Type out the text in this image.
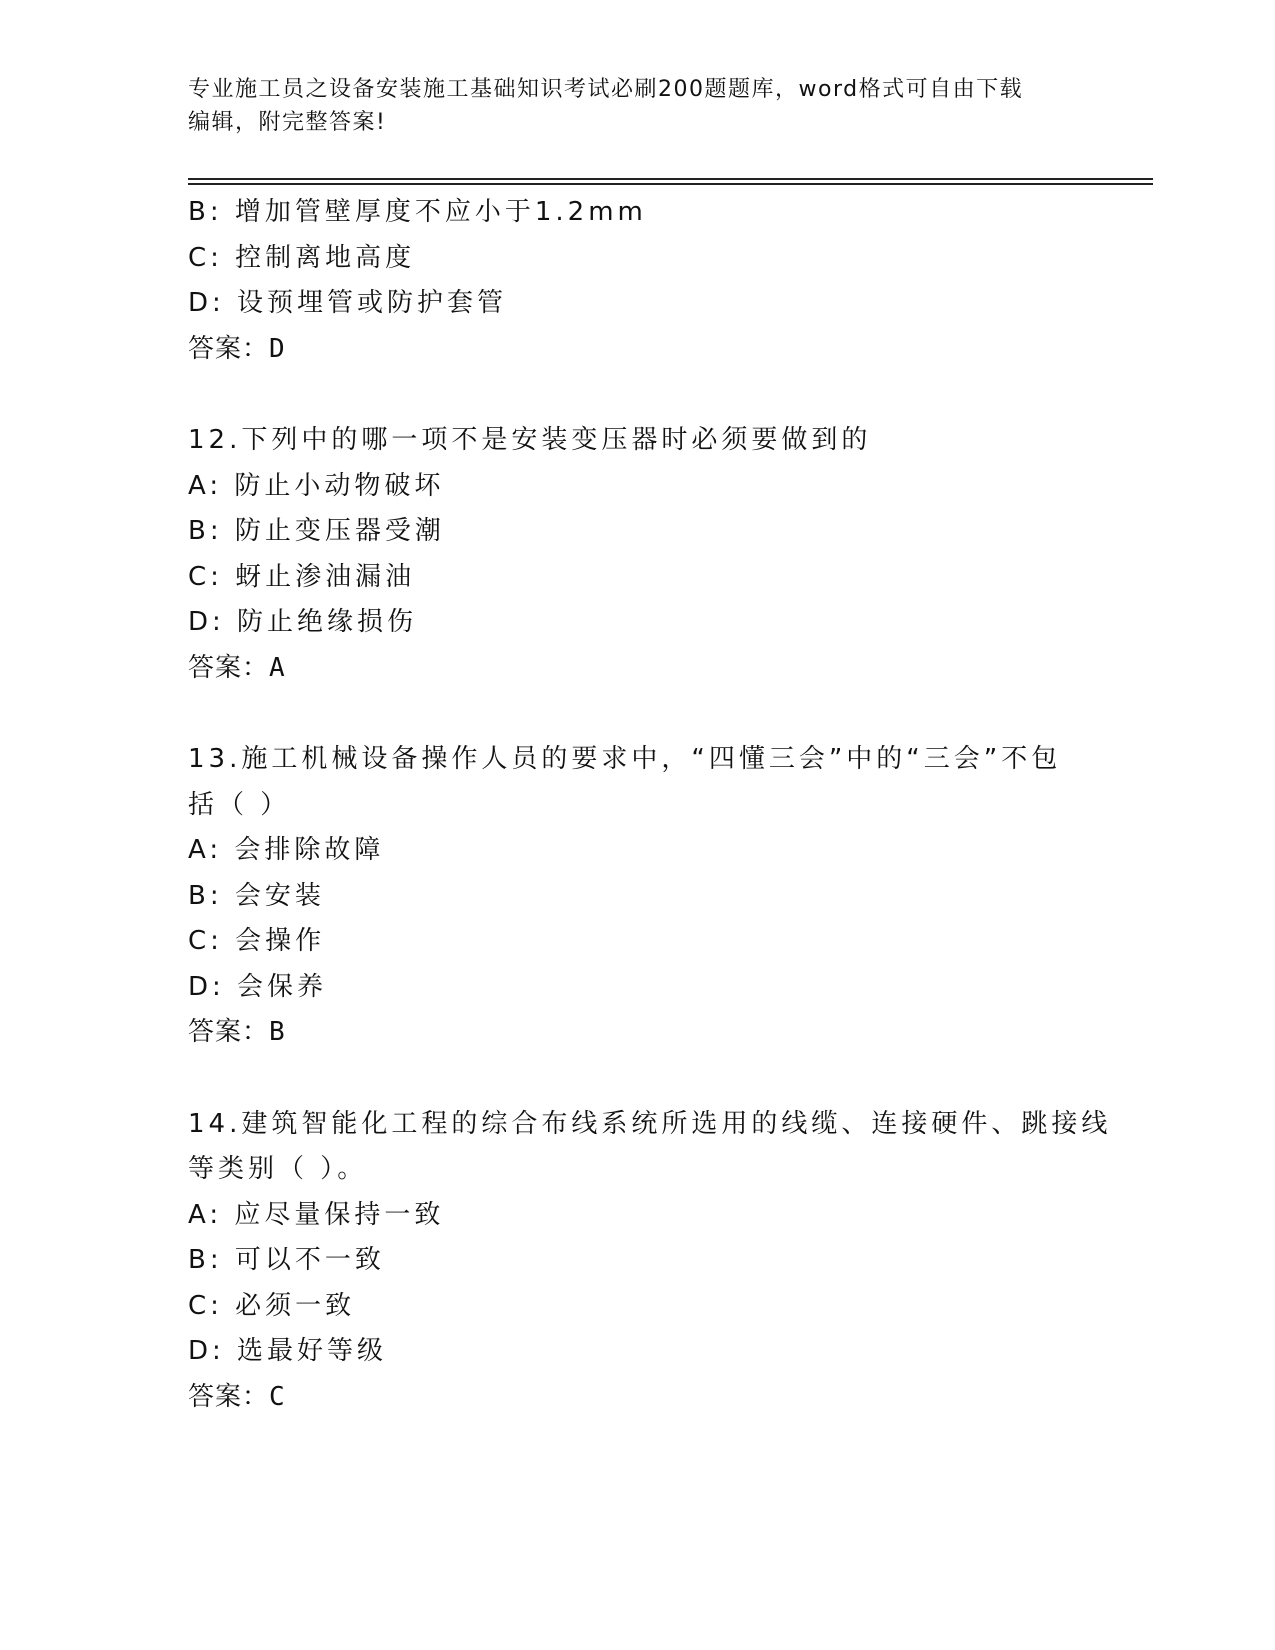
专业施工员之设备安装施工基础知识考试必刷200题题库，word格式可自由下载

编辑，附完整答案!

B: 增加管壁厚度不应小于1.2mm
C: 控制离地高度
D: 设预埋管或防护套管
答案：D
12.下列中的哪一项不是安装变压器时必须要做到的
A: 防止小动物破坏
B: 防止变压器受潮
C: 蚜止渗油漏油
D: 防止绝缘损伤
答案：A
13.施工机械设备操作人员的要求中，“四懂三会”中的“三会”不包
括（ ）
A: 会排除故障
B: 会安装
C: 会操作
D: 会保养
答案：B
14.建筑智能化工程的综合布线系统所选用的线缆、连接硬件、跳接线
等类别（ ）。
A: 应尽量保持一致
B: 可以不一致
C: 必须一致
D: 选最好等级
答案：C
